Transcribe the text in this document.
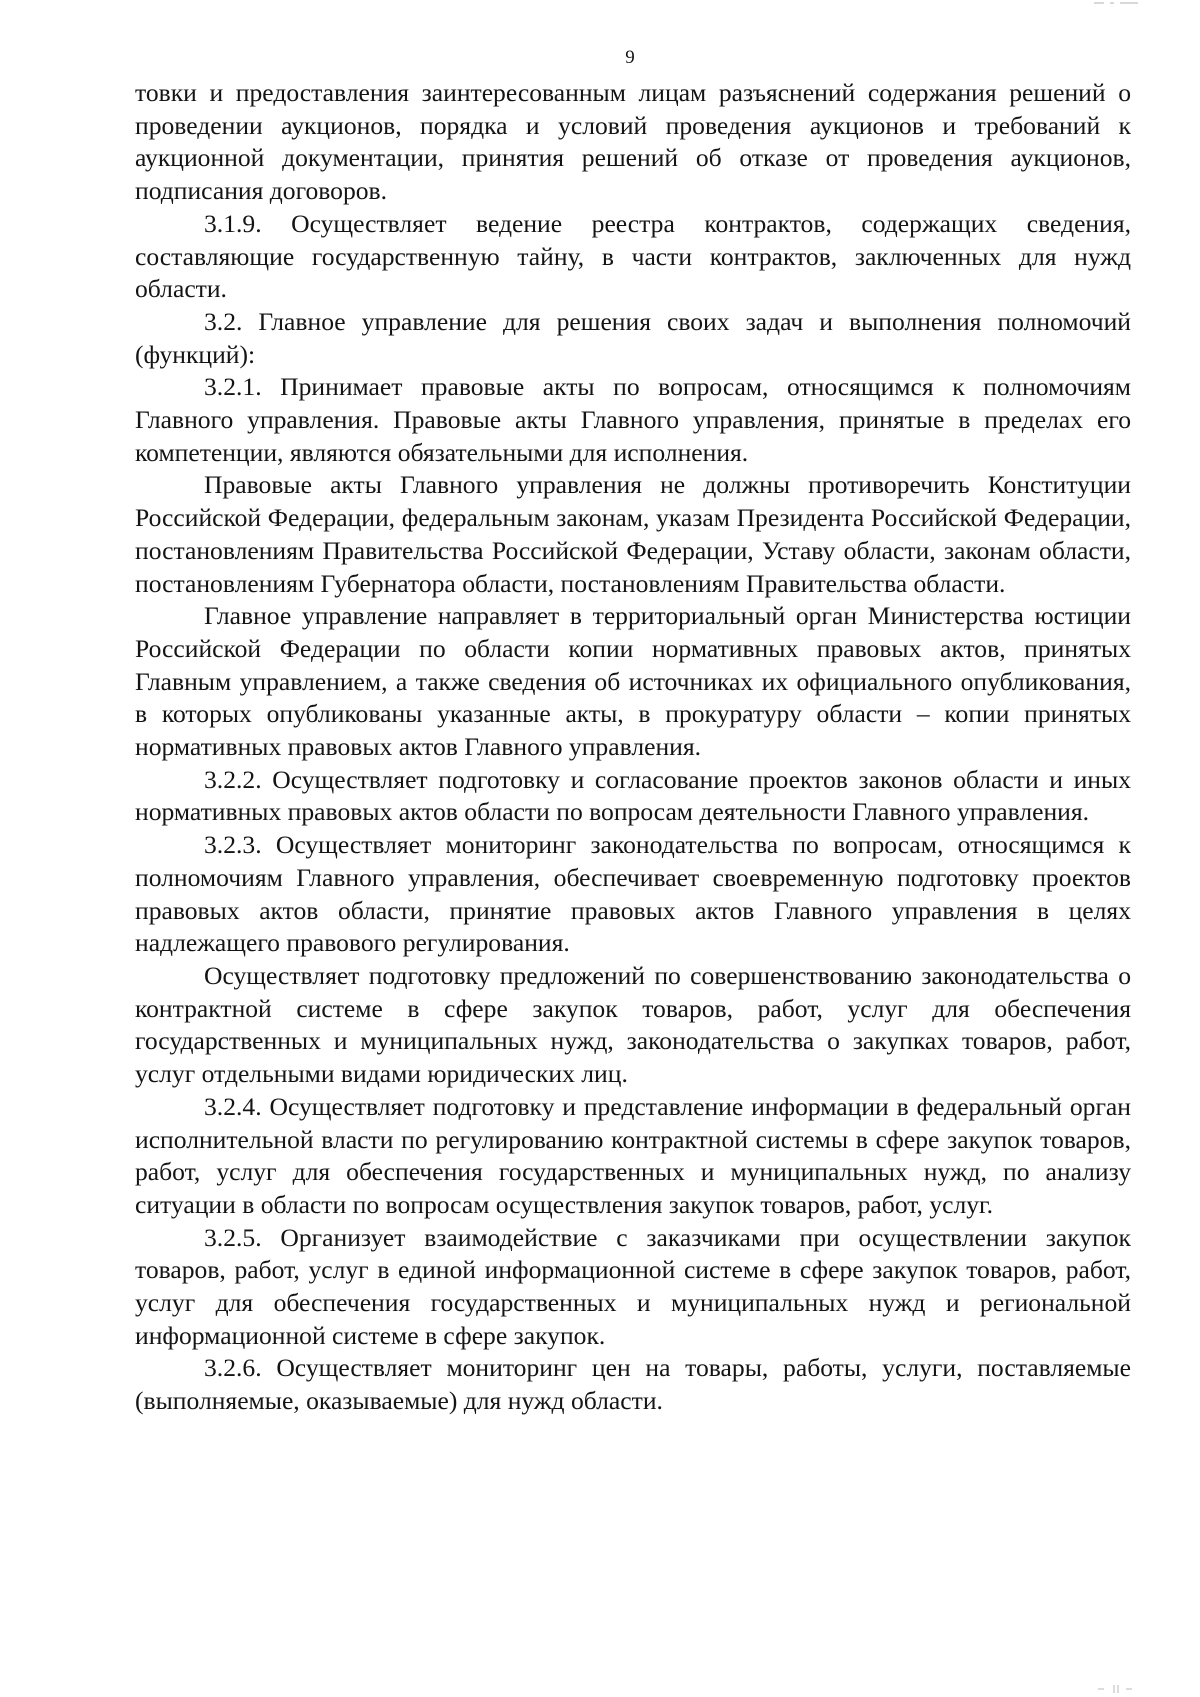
9

товки и предоставления заинтересованным лицам разъяснений содержания решений о проведении аукционов, порядка и условий проведения аукционов и требований к аукционной документации, принятия решений об отказе от проведения аукционов, подписания договоров.

3.1.9. Осуществляет ведение реестра контрактов, содержащих сведения, составляющие государственную тайну, в части контрактов, заключенных для нужд области.

3.2. Главное управление для решения своих задач и выполнения полномочий (функций):

3.2.1. Принимает правовые акты по вопросам, относящимся к полномочиям Главного управления. Правовые акты Главного управления, принятые в пределах его компетенции, являются обязательными для исполнения.

Правовые акты Главного управления не должны противоречить Конституции Российской Федерации, федеральным законам, указам Президента Российской Федерации, постановлениям Правительства Российской Федерации, Уставу области, законам области, постановлениям Губернатора области, постановлениям Правительства области.

Главное управление направляет в территориальный орган Министерства юстиции Российской Федерации по области копии нормативных правовых актов, принятых Главным управлением, а также сведения об источниках их официального опубликования, в которых опубликованы указанные акты, в прокуратуру области – копии принятых нормативных правовых актов Главного управления.

3.2.2. Осуществляет подготовку и согласование проектов законов области и иных нормативных правовых актов области по вопросам деятельности Главного управления.

3.2.3. Осуществляет мониторинг законодательства по вопросам, относящимся к полномочиям Главного управления, обеспечивает своевременную подготовку проектов правовых актов области, принятие правовых актов Главного управления в целях надлежащего правового регулирования.

Осуществляет подготовку предложений по совершенствованию законодательства о контрактной системе в сфере закупок товаров, работ, услуг для обеспечения государственных и муниципальных нужд, законодательства о закупках товаров, работ, услуг отдельными видами юридических лиц.

3.2.4. Осуществляет подготовку и представление информации в федеральный орган исполнительной власти по регулированию контрактной системы в сфере закупок товаров, работ, услуг для обеспечения государственных и муниципальных нужд, по анализу ситуации в области по вопросам осуществления закупок товаров, работ, услуг.

3.2.5. Организует взаимодействие с заказчиками при осуществлении закупок товаров, работ, услуг в единой информационной системе в сфере закупок товаров, работ, услуг для обеспечения государственных и муниципальных нужд и региональной информационной системе в сфере закупок.

3.2.6. Осуществляет мониторинг цен на товары, работы, услуги, поставляемые (выполняемые, оказываемые) для нужд области.
